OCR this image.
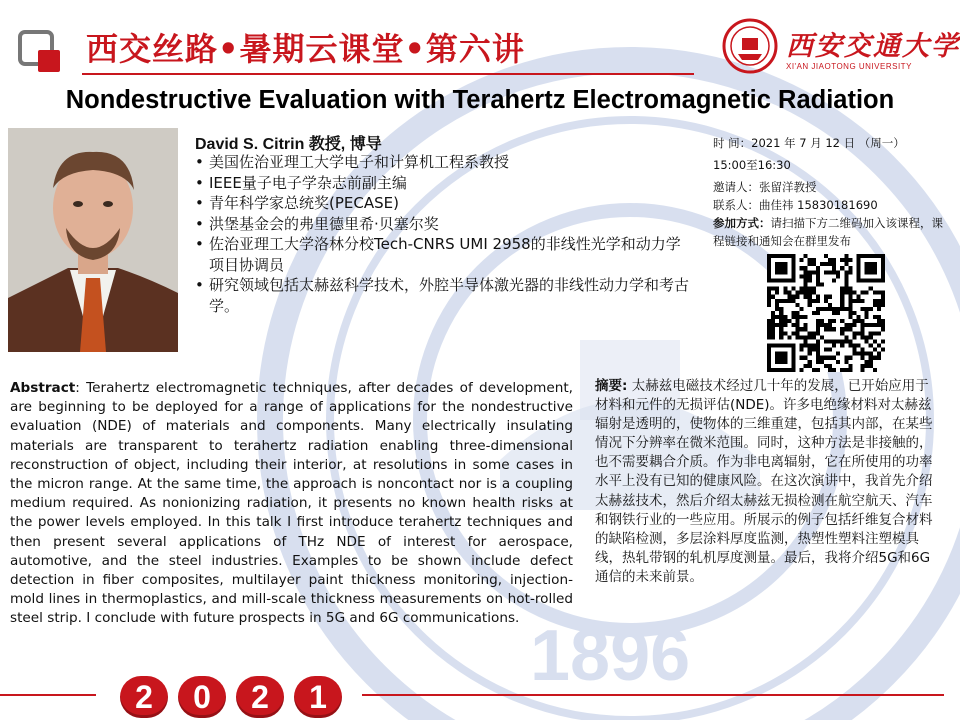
1896
西交丝路•暑期云课堂•第六讲	西安交通大学
XI'AN JIAOTONG UNIVERSITY
Nondestructive Evaluation with Terahertz Electromagnetic Radiation
David S. Citrin 教授, 博导
• 美国佐治亚理工大学电子和计算机工程系教授
• IEEE量子电子学杂志前副主编
• 青年科学家总统奖(PECASE)
• 洪堡基金会的弗里德里希·贝塞尔奖
• 佐治亚理工大学洛林分校Tech-CNRS UMI 2958的非线性光学和动力学项目协调员
• 研究领域包括太赫兹科学技术，外腔半导体激光器的非线性动力学和考古学。
时 间：2021 年 7 月 12 日 （周一）
15:00至16:30
邀请人：张留洋教授
联系人：曲佳祎 15830181690
参加方式：请扫描下方二维码加入该课程，课程链接和通知会在群里发布
Abstract: Terahertz electromagnetic techniques, after decades of development, are beginning to be deployed for a range of applications for the nondestructive evaluation (NDE) of materials and components. Many electrically insulating materials are transparent to terahertz radiation enabling three-dimensional reconstruction of object, including their interior, at resolutions in some cases in the micron range. At the same time, the approach is noncontact nor is a coupling medium required. As nonionizing radiation, it presents no known health risks at the power levels employed. In this talk I first introduce terahertz techniques and then present several applications of THz NDE of interest for aerospace, automotive, and the steel industries. Examples to be shown include defect detection in fiber composites, multilayer paint thickness monitoring, injection-mold lines in thermoplastics, and mill-scale thickness measurements on hot-rolled steel strip. I conclude with future prospects in 5G and 6G communications.
摘要: 太赫兹电磁技术经过几十年的发展，已开始应用于材料和元件的无损评估(NDE)。许多电绝缘材料对太赫兹辐射是透明的，使物体的三维重建，包括其内部，在某些情况下分辨率在微米范围。同时，这种方法是非接触的，也不需要耦合介质。作为非电离辐射，它在所使用的功率水平上没有已知的健康风险。在这次演讲中，我首先介绍太赫兹技术，然后介绍太赫兹无损检测在航空航天、汽车和钢铁行业的一些应用。所展示的例子包括纤维复合材料的缺陷检测，多层涂料厚度监测，热塑性塑料注塑模具线，热轧带钢的轧机厚度测量。最后，我将介绍5G和6G通信的未来前景。
2	0	2	1
